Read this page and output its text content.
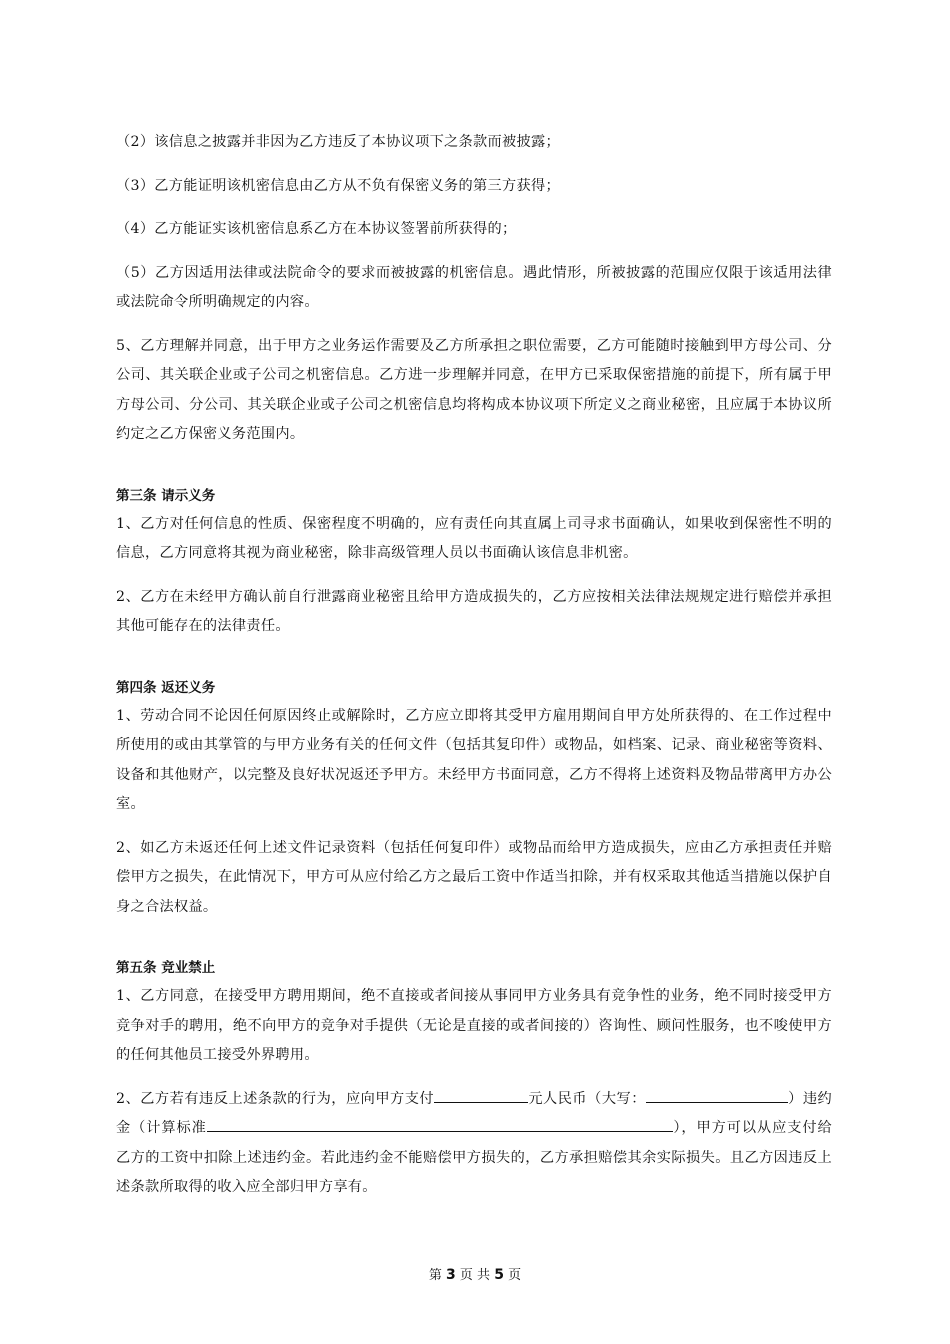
（2）该信息之披露并非因为乙方违反了本协议项下之条款而被披露；

（3）乙方能证明该机密信息由乙方从不负有保密义务的第三方获得；

（4）乙方能证实该机密信息系乙方在本协议签署前所获得的；

（5）乙方因适用法律或法院命令的要求而被披露的机密信息。遇此情形，所被披露的范围应仅限于该适用法律或法院命令所明确规定的内容。

5、乙方理解并同意，出于甲方之业务运作需要及乙方所承担之职位需要，乙方可能随时接触到甲方母公司、分公司、其关联企业或子公司之机密信息。乙方进一步理解并同意，在甲方已采取保密措施的前提下，所有属于甲方母公司、分公司、其关联企业或子公司之机密信息均将构成本协议项下所定义之商业秘密，且应属于本协议所约定之乙方保密义务范围内。

第三条 请示义务

1、乙方对任何信息的性质、保密程度不明确的，应有责任向其直属上司寻求书面确认，如果收到保密性不明的信息，乙方同意将其视为商业秘密，除非高级管理人员以书面确认该信息非机密。

2、乙方在未经甲方确认前自行泄露商业秘密且给甲方造成损失的，乙方应按相关法律法规规定进行赔偿并承担其他可能存在的法律责任。

第四条 返还义务

1、劳动合同不论因任何原因终止或解除时，乙方应立即将其受甲方雇用期间自甲方处所获得的、在工作过程中所使用的或由其掌管的与甲方业务有关的任何文件（包括其复印件）或物品，如档案、记录、商业秘密等资料、设备和其他财产，以完整及良好状况返还予甲方。未经甲方书面同意，乙方不得将上述资料及物品带离甲方办公室。

2、如乙方未返还任何上述文件记录资料（包括任何复印件）或物品而给甲方造成损失，应由乙方承担责任并赔偿甲方之损失，在此情况下，甲方可从应付给乙方之最后工资中作适当扣除，并有权采取其他适当措施以保护自身之合法权益。

第五条 竞业禁止

1、乙方同意，在接受甲方聘用期间，绝不直接或者间接从事同甲方业务具有竞争性的业务，绝不同时接受甲方竞争对手的聘用，绝不向甲方的竞争对手提供（无论是直接的或者间接的）咨询性、顾问性服务，也不唆使甲方的任何其他员工接受外界聘用。

2、乙方若有违反上述条款的行为，应向甲方支付	元人民币（大写：	）违约金（计算标准	），甲方可以从应支付给乙方的工资中扣除上述违约金。若此违约金不能赔偿甲方损失的，乙方承担赔偿其余实际损失。且乙方因违反上述条款所取得的收入应全部归甲方享有。

第 3 页 共 5 页
